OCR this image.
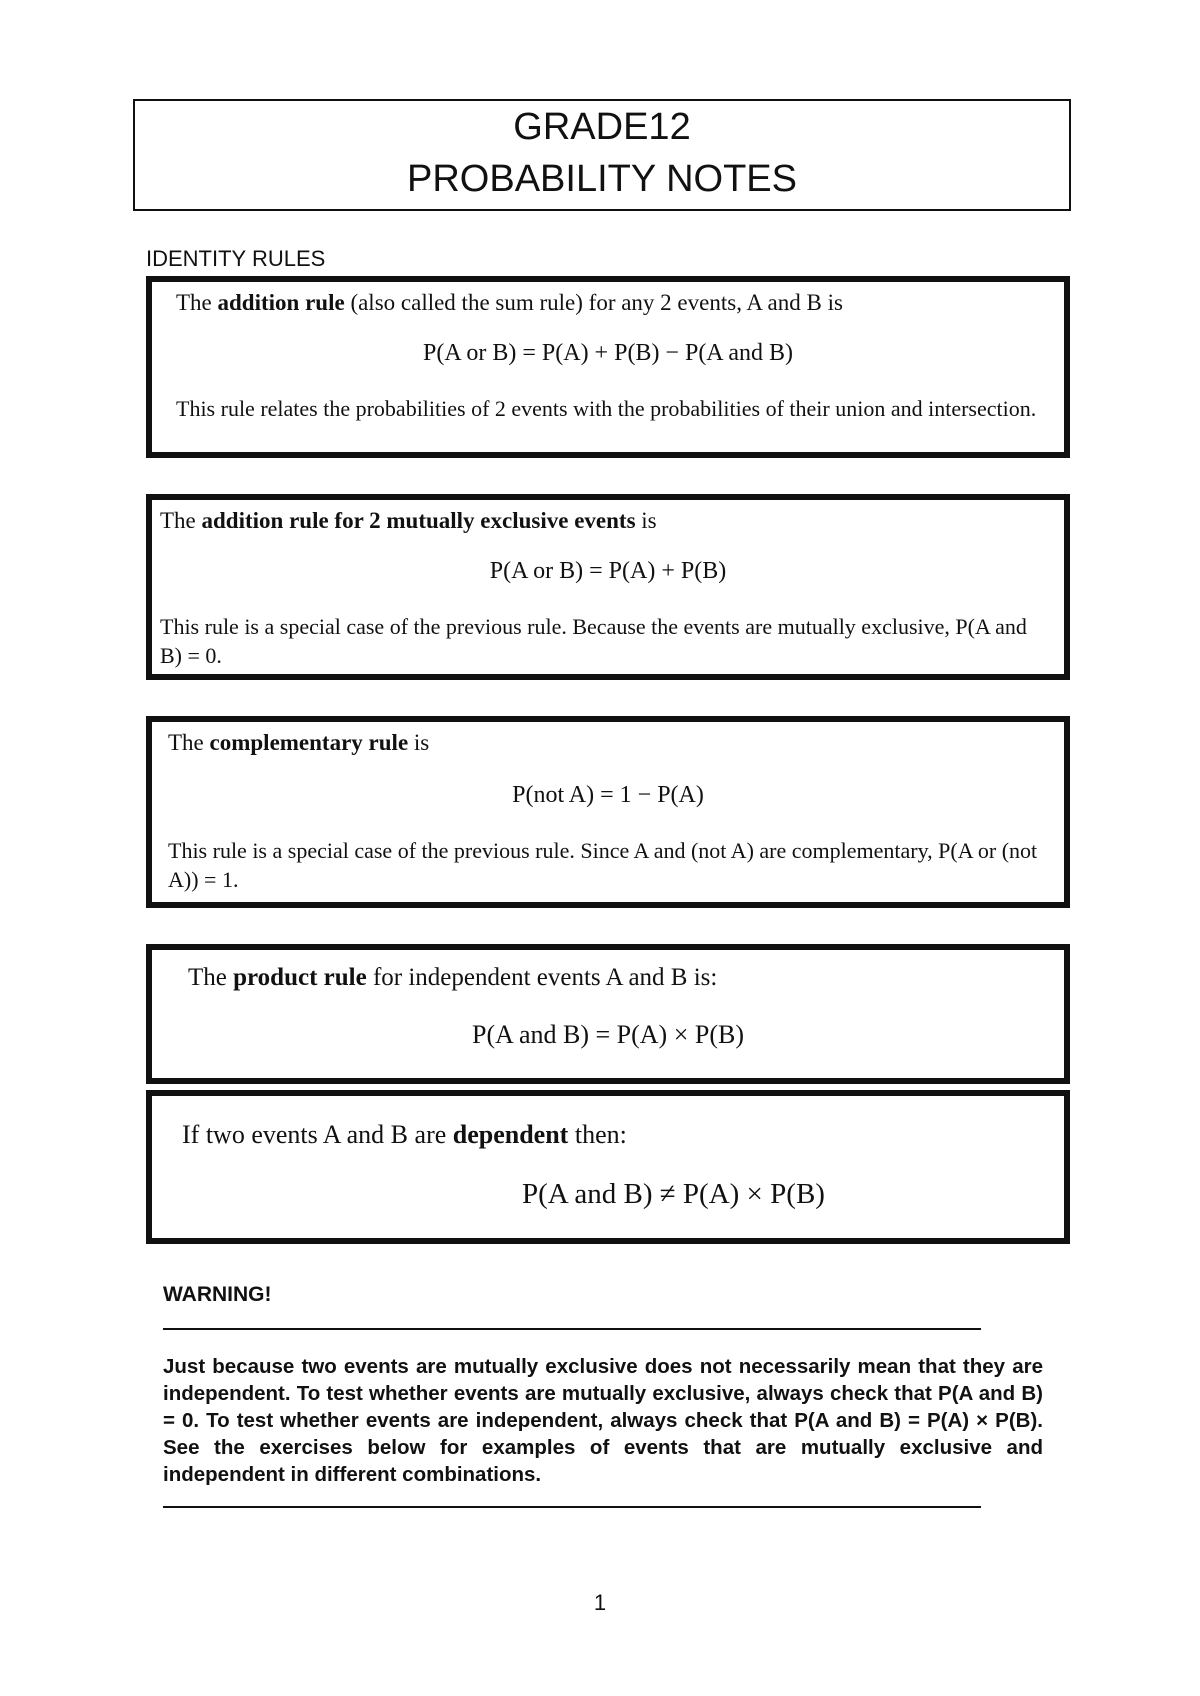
GRADE12
PROBABILITY NOTES
IDENTITY RULES
The addition rule (also called the sum rule) for any 2 events, A and B is
P(A or B) = P(A) + P(B) − P(A and B)
This rule relates the probabilities of 2 events with the probabilities of their union and intersection.
The addition rule for 2 mutually exclusive events is
P(A or B) = P(A) + P(B)
This rule is a special case of the previous rule. Because the events are mutually exclusive, P(A and B) = 0.
The complementary rule is
P(not A) = 1 − P(A)
This rule is a special case of the previous rule. Since A and (not A) are complementary, P(A or (not A)) = 1.
The product rule for independent events A and B is:
P(A and B) = P(A) × P(B)
If two events A and B are dependent then:
P(A and B) ≠ P(A) × P(B)
WARNING!
Just because two events are mutually exclusive does not necessarily mean that they are independent. To test whether events are mutually exclusive, always check that P(A and B) = 0. To test whether events are independent, always check that P(A and B) = P(A) × P(B). See the exercises below for examples of events that are mutually exclusive and independent in different combinations.
1
